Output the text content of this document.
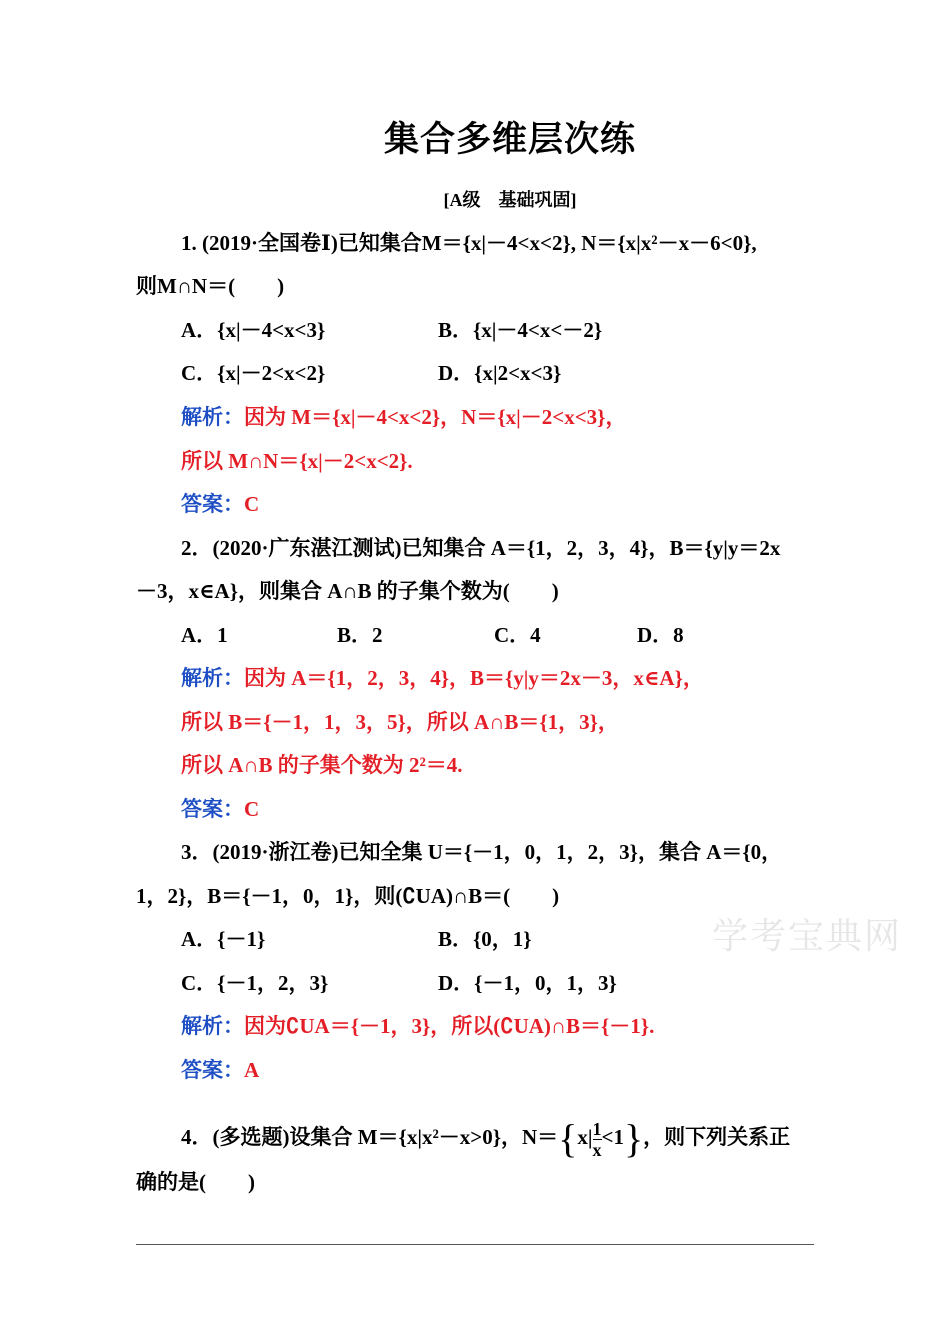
集合多维层次练
[A级　基础巩固]
1. (2019·全国卷Ⅰ)已知集合M＝{x|－4<x<2}, N＝{x|x²－x－6<0},
则M∩N＝(　　)
A．{x|－4<x<3}	B．{x|－4<x<－2}
C．{x|－2<x<2}	D．{x|2<x<3}
解析：因为 M＝{x|－4<x<2}，N＝{x|－2<x<3}，
所以 M∩N＝{x|－2<x<2}.
答案：C
2．(2020·广东湛江测试)已知集合 A＝{1，2，3，4}，B＝{y|y＝2x
－3，x∈A}，则集合 A∩B 的子集个数为(　　)
A．1	B．2	C．4	D．8
解析：因为 A＝{1，2，3，4}，B＝{y|y＝2x－3，x∈A}，
所以 B＝{－1，1，3，5}，所以 A∩B＝{1，3}，
所以 A∩B 的子集个数为 2²＝4.
答案：C
3．(2019·浙江卷)已知全集 U＝{－1，0，1，2，3}，集合 A＝{0，
1，2}，B＝{－1，0，1}，则(∁UA)∩B＝(　　)
A．{－1}	B．{0，1}
C．{－1，2，3}	D．{－1，0，1，3}
解析：因为∁UA＝{－1，3}，所以(∁UA)∩B＝{－1}.
答案：A
4．(多选题)设集合 M＝{x|x²－x>0}，$N=\{x| \frac{1}{x} <1\}$，则下列关系正
确的是(　　)
学考宝典网
